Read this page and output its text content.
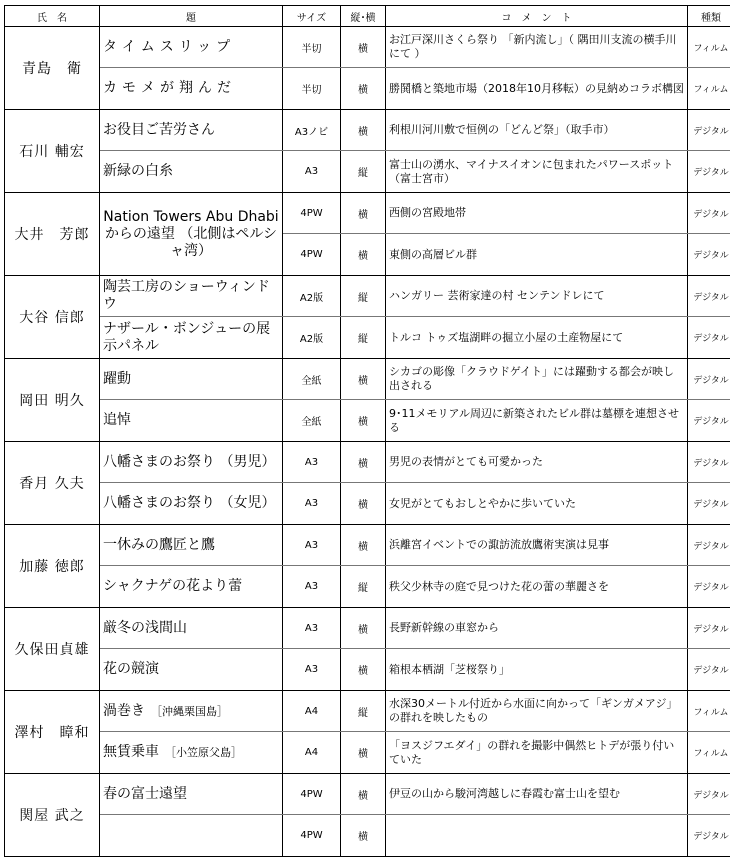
氏　名	題	サイズ	縦･横	コ　メ　ン　ト	種類
青島　衛	タイムスリップ	半切	横	お江戸深川さくら祭り 「新内流し」（ 隅田川支流の横手川にて ）	フィルム
	カモメが翔んだ	半切	横	勝鬨橋と築地市場（2018年10月移転）の見納めコラボ構図	フィルム
石川 輔宏	お役目ご苦労さん	A3ノビ	横	利根川河川敷で恒例の「どんど祭」（取手市）	デジタル
	新緑の白糸	A3	縦	富士山の湧水、マイナスイオンに包まれたパワースポット（富士宮市）	デジタル
大井　芳郎	Nation Towers Abu Dhabi からの遠望 （北側はペルシャ湾）	4PW	横	西側の宮殿地帯	デジタル
		4PW	横	東側の高層ビル群	デジタル
大谷 信郎	陶芸工房のショーウィンドウ	A2版	縦	ハンガリー 芸術家達の村 センテンドレにて	デジタル
	ナザール・ボンジューの展示パネル	A2版	縦	トルコ トゥズ塩湖畔の掘立小屋の土産物屋にて	デジタル
岡田 明久	躍動	全紙	横	シカゴの彫像「クラウドゲイト」には躍動する都会が映し出される	デジタル
	追悼	全紙	横	9･11メモリアル周辺に新築されたビル群は墓標を連想させる	デジタル
香月 久夫	八幡さまのお祭り （男児）	A3	横	男児の表情がとても可愛かった	デジタル
	八幡さまのお祭り （女児）	A3	横	女児がとてもおしとやかに歩いていた	デジタル
加藤 徳郎	一休みの鷹匠と鷹	A3	横	浜離宮イベントでの諏訪流放鷹術実演は見事	デジタル
	シャクナゲの花より蕾	A3	縦	秩父少林寺の庭で見つけた花の蕾の華麗さを	デジタル
久保田貞雄	厳冬の浅間山	A3	横	長野新幹線の車窓から	デジタル
	花の競演	A3	横	箱根本栖湖「芝桜祭り」	デジタル
澤村　瞕和	渦巻き ［沖縄栗国島］	A4	縦	水深30メートル付近から水面に向かって「ギンガメアジ」の群れを映したもの	フィルム
	無賃乗車 ［小笠原父島］	A4	横	「ヨスジフエダイ」の群れを撮影中偶然ヒトデが張り付いていた	フィルム
関屋 武之	春の富士遠望	4PW	横	伊豆の山から駿河湾越しに春霞む富士山を望む	デジタル
		4PW	横		デジタル
